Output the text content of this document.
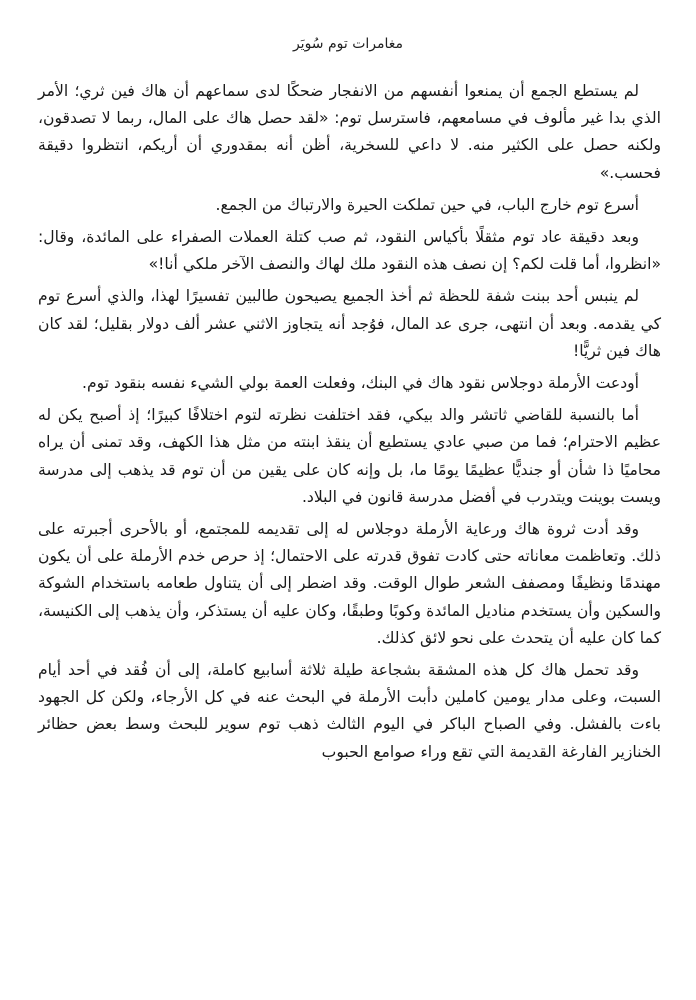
مغامرات توم سُويَر

لم يستطع الجمع أن يمنعوا أنفسهم من الانفجار ضحكًا لدى سماعهم أن هاك فين ثري؛ الأمر الذي بدا غير مألوف في مسامعهم، فاسترسل توم: «لقد حصل هاك على المال، ربما لا تصدقون، ولكنه حصل على الكثير منه. لا داعي للسخرية، أظن أنه بمقدوري أن أريكم، انتظروا دقيقة فحسب.»

أسرع توم خارج الباب، في حين تملكت الحيرة والارتباك من الجمع.

وبعد دقيقة عاد توم مثقلًا بأكياس النقود، ثم صب كتلة العملات الصفراء على المائدة، وقال: «انظروا، أما قلت لكم؟ إن نصف هذه النقود ملك لهاك والنصف الآخر ملكي أنا!»

لم ينبس أحد ببنت شفة للحظة ثم أخذ الجميع يصيحون طالبين تفسيرًا لهذا، والذي أسرع توم كي يقدمه. وبعد أن انتهى، جرى عد المال، فوُجد أنه يتجاوز الاثني عشر ألف دولار بقليل؛ لقد كان هاك فين ثريًّا!

أودعت الأرملة دوجلاس نقود هاك في البنك، وفعلت العمة بولي الشيء نفسه بنقود توم.

أما بالنسبة للقاضي ثاتشر والد بيكي، فقد اختلفت نظرته لتوم اختلافًا كبيرًا؛ إذ أصبح يكن له عظيم الاحترام؛ فما من صبي عادي يستطيع أن ينقذ ابنته من مثل هذا الكهف، وقد تمنى أن يراه محاميًا ذا شأن أو جنديًّا عظيمًا يومًا ما، بل وإنه كان على يقين من أن توم قد يذهب إلى مدرسة ويست بوينت ويتدرب في أفضل مدرسة قانون في البلاد.

وقد أدت ثروة هاك ورعاية الأرملة دوجلاس له إلى تقديمه للمجتمع، أو بالأحرى أجبرته على ذلك. وتعاظمت معاناته حتى كادت تفوق قدرته على الاحتمال؛ إذ حرص خدم الأرملة على أن يكون مهندمًا ونظيفًا ومصفف الشعر طوال الوقت. وقد اضطر إلى أن يتناول طعامه باستخدام الشوكة والسكين وأن يستخدم مناديل المائدة وكوبًا وطبقًا، وكان عليه أن يستذكر، وأن يذهب إلى الكنيسة، كما كان عليه أن يتحدث على نحو لائق كذلك.

وقد تحمل هاك كل هذه المشقة بشجاعة طيلة ثلاثة أسابيع كاملة، إلى أن فُقد في أحد أيام السبت، وعلى مدار يومين كاملين دأبت الأرملة في البحث عنه في كل الأرجاء، ولكن كل الجهود باءت بالفشل. وفي الصباح الباكر في اليوم الثالث ذهب توم سوير للبحث وسط بعض حظائر الخنازير الفارغة القديمة التي تقع وراء صوامع الحبوب
